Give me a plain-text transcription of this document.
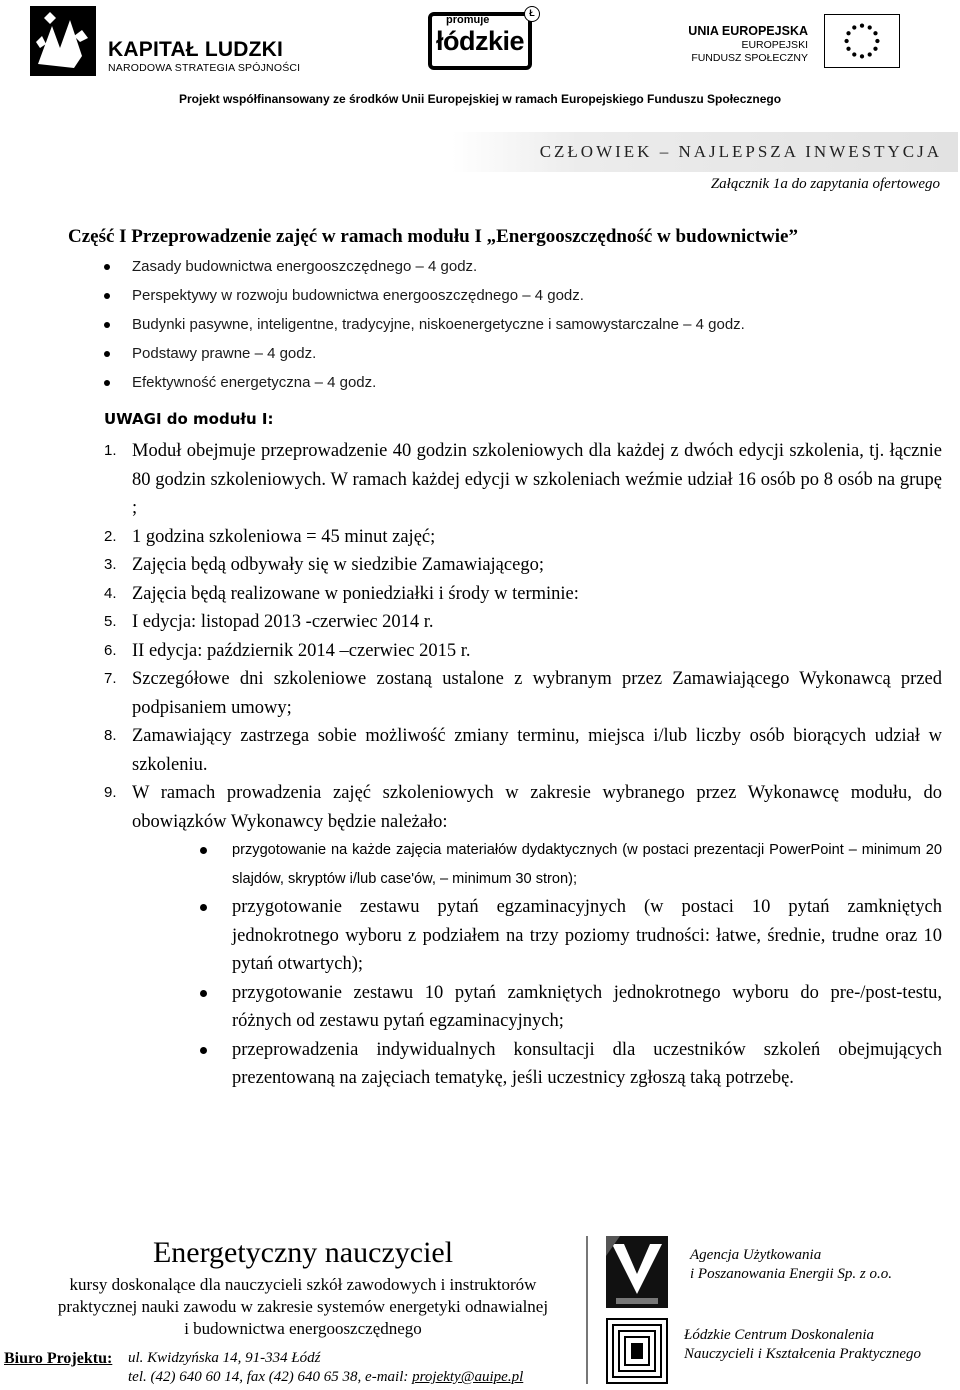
KAPITAŁ LUDZKI
NARODOWA STRATEGIA SPÓJNOŚCI
promuje
łódzkie
Ł
UNIA EUROPEJSKA
EUROPEJSKI
FUNDUSZ SPOŁECZNY
Projekt współfinansowany ze środków Unii Europejskiej w ramach Europejskiego Funduszu Społecznego
CZŁOWIEK – NAJLEPSZA INWESTYCJA
Załącznik 1a do zapytania ofertowego
Część I Przeprowadzenie zajęć w ramach modułu I „Energooszczędność w budownictwie”
Zasady budownictwa energooszczędnego – 4 godz.
Perspektywy w rozwoju budownictwa energooszczędnego – 4 godz.
Budynki pasywne, inteligentne, tradycyjne, niskoenergetyczne i samowystarczalne – 4 godz.
Podstawy prawne – 4 godz.
Efektywność energetyczna – 4 godz.
UWAGI do modułu I:
1. Moduł obejmuje przeprowadzenie 40 godzin szkoleniowych dla każdej z dwóch edycji szkolenia, tj. łącznie 80 godzin szkoleniowych. W ramach każdej edycji w szkoleniach weźmie udział 16 osób po 8 osób na grupę ;
2. 1 godzina szkoleniowa = 45 minut zajęć;
3. Zajęcia będą odbywały się w siedzibie Zamawiającego;
4. Zajęcia będą realizowane w poniedziałki i środy w terminie:
5. I edycja: listopad 2013 -czerwiec 2014 r.
6. II edycja: październik 2014 –czerwiec 2015 r.
7. Szczegółowe dni szkoleniowe zostaną ustalone z wybranym przez Zamawiającego Wykonawcą przed podpisaniem umowy;
8. Zamawiający zastrzega sobie możliwość zmiany terminu, miejsca i/lub liczby osób biorących udział w szkoleniu.
9. W ramach prowadzenia zajęć szkoleniowych w zakresie wybranego przez Wykonawcę modułu, do obowiązków Wykonawcy będzie należało:
przygotowanie na każde zajęcia materiałów dydaktycznych (w postaci prezentacji PowerPoint – minimum 20 slajdów, skryptów i/lub case'ów, – minimum 30 stron);
przygotowanie zestawu pytań egzaminacyjnych (w postaci 10 pytań zamkniętych jednokrotnego wyboru z podziałem na trzy poziomy trudności: łatwe, średnie, trudne oraz 10 pytań otwartych);
przygotowanie zestawu 10 pytań zamkniętych jednokrotnego wyboru do pre-/post-testu, różnych od zestawu pytań egzaminacyjnych;
przeprowadzenia indywidualnych konsultacji dla uczestników szkoleń obejmujących prezentowaną na zajęciach tematykę, jeśli uczestnicy zgłoszą taką potrzebę.
Energetyczny nauczyciel
kursy doskonalące dla nauczycieli szkół zawodowych i instruktorów
praktycznej nauki zawodu w zakresie systemów energetyki odnawialnej
i budownictwa energooszczędnego
Biuro Projektu: ul. Kwidzyńska 14, 91-334 Łódź
tel. (42) 640 60 14, fax (42) 640 65 38, e-mail: projekty@auipe.pl
Agencja Użytkowania
i Poszanowania Energii Sp. z o.o.
Łódzkie Centrum Doskonalenia
Nauczycieli i Kształcenia Praktycznego
